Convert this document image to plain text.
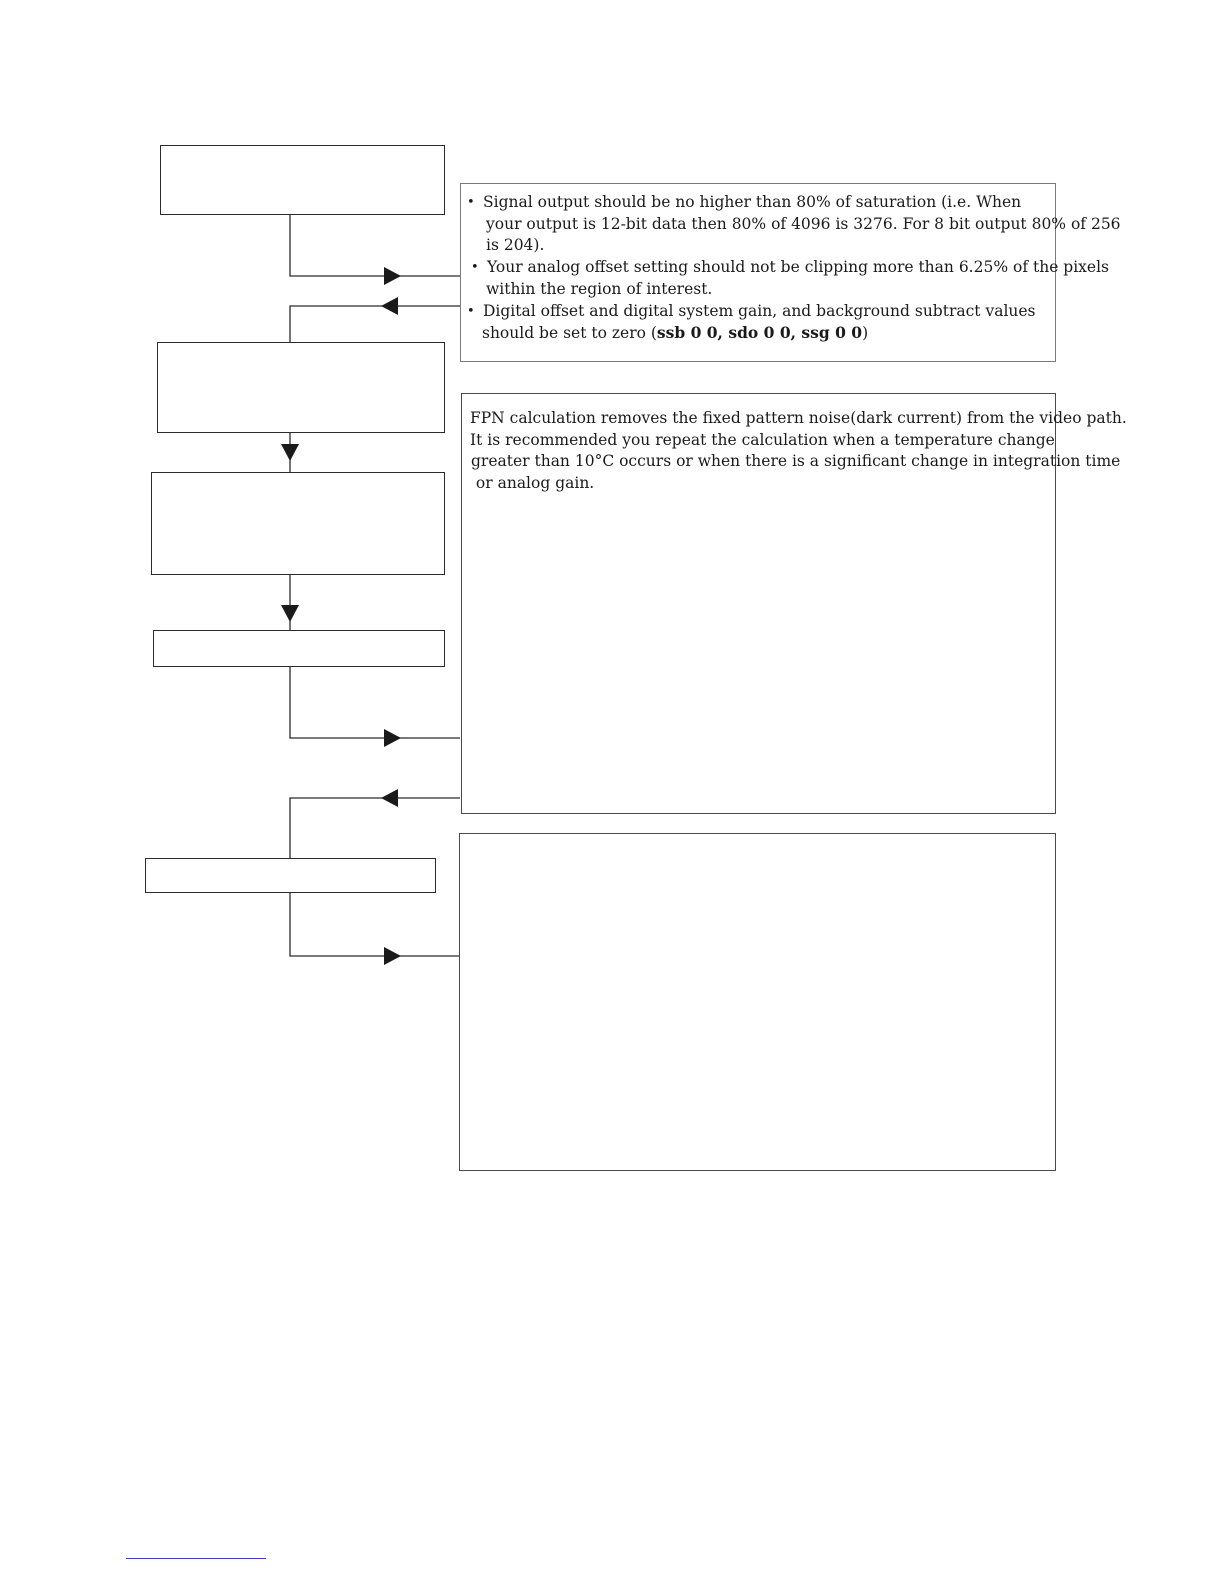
• Signal output should be no higher than 80% of saturation (i.e. When
your output is 12-bit data then 80% of 4096 is 3276. For 8 bit output 80% of 256
is 204).
• Your analog offset setting should not be clipping more than 6.25% of the pixels
within the region of interest.
• Digital offset and digital system gain, and background subtract values
should be set to zero (ssb 0 0, sdo 0 0, ssg 0 0)
FPN calculation removes the fixed pattern noise(dark current) from the video path.
It is recommended you repeat the calculation when a temperature change
greater than 10°C occurs or when there is a significant change in integration time
or analog gain.
